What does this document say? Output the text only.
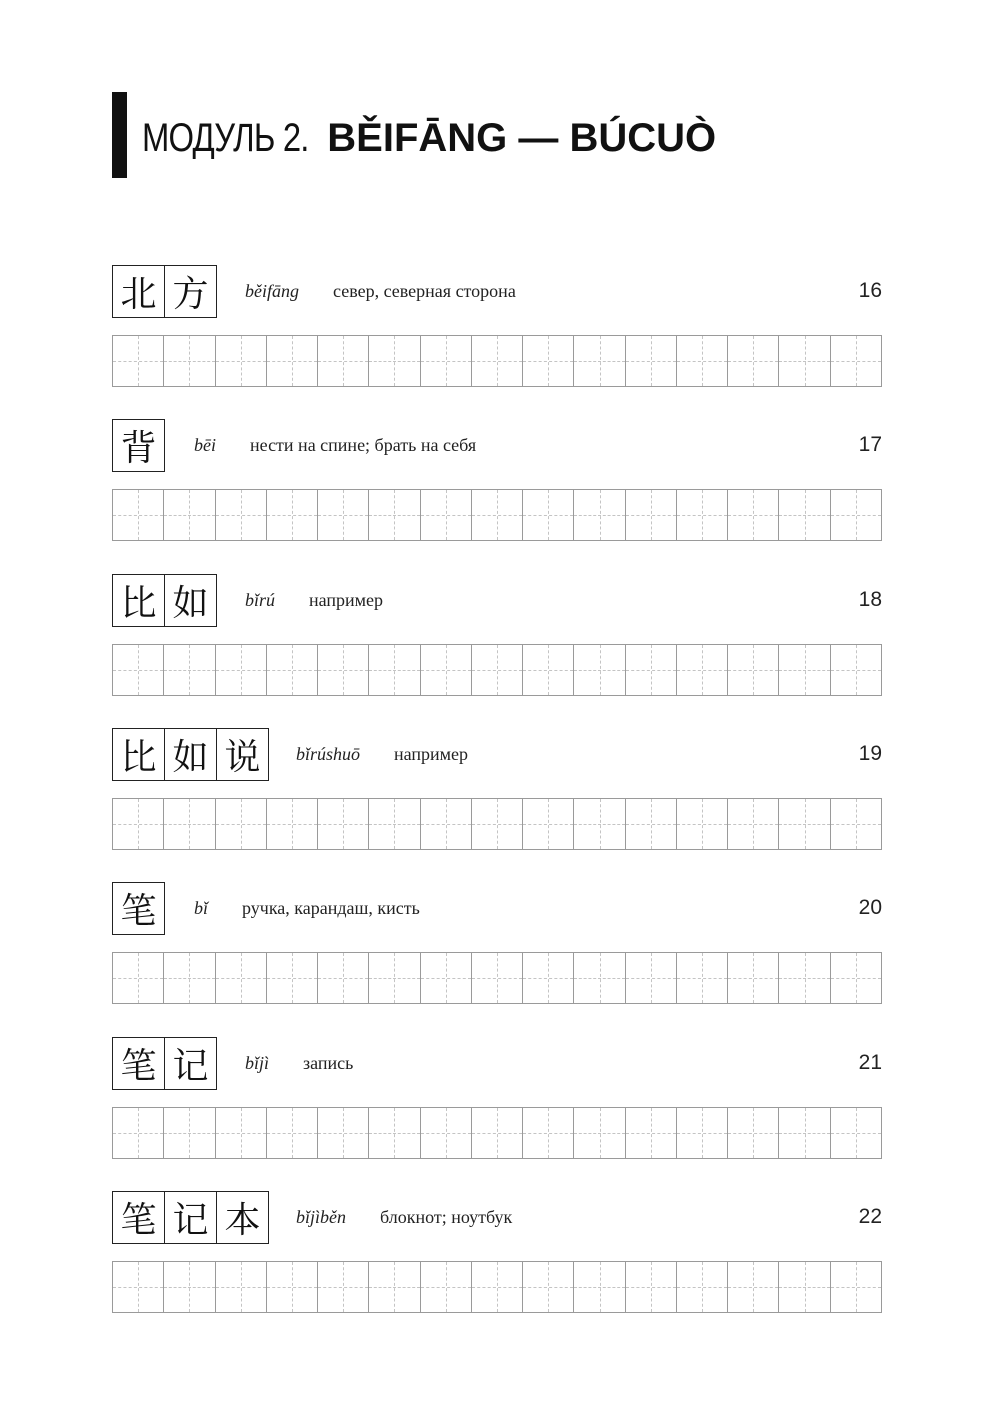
МОДУЛЬ 2. BĚIFĀNG — BÚCUÒ
北 方	běifāng север, северная сторона	16
背	bēi нести на спине; брать на себя	17
比 如	bǐrú например	18
比 如 说	bǐrúshuō например	19
笔	bǐ ручка, карандаш, кисть	20
笔 记	bǐjì запись	21
笔 记 本	bǐjìběn блокнот; ноутбук	22
